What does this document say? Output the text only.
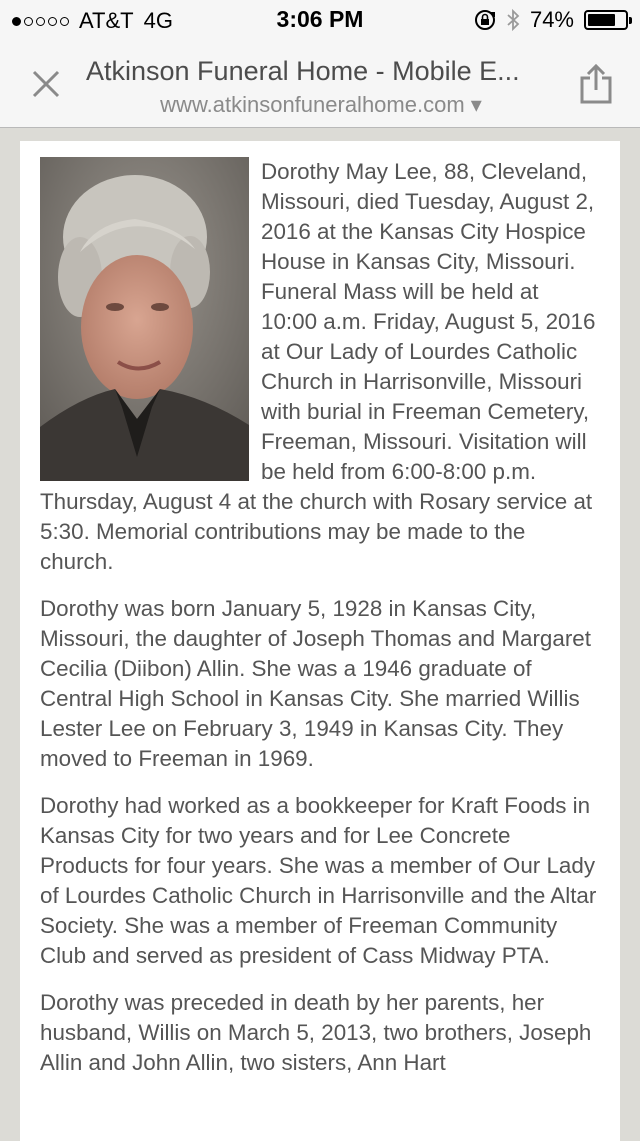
AT&T 4G	3:06 PM	74%
Atkinson Funeral Home - Mobile E...
www.atkinsonfuneralhome.com ▾

Dorothy May Lee, 88, Cleveland, Missouri, died Tuesday, August 2, 2016 at the Kansas City Hospice House in Kansas City, Missouri. Funeral Mass will be held at 10:00 a.m. Friday, August 5, 2016 at Our Lady of Lourdes Catholic Church in Harrisonville, Missouri with burial in Freeman Cemetery, Freeman, Missouri. Visitation will be held from 6:00-8:00 p.m. Thursday, August 4 at the church with Rosary service at 5:30. Memorial contributions may be made to the church.

Dorothy was born January 5, 1928 in Kansas City, Missouri, the daughter of Joseph Thomas and Margaret Cecilia (Diibon) Allin. She was a 1946 graduate of Central High School in Kansas City. She married Willis Lester Lee on February 3, 1949 in Kansas City. They moved to Freeman in 1969.

Dorothy had worked as a bookkeeper for Kraft Foods in Kansas City for two years and for Lee Concrete Products for four years. She was a member of Our Lady of Lourdes Catholic Church in Harrisonville and the Altar Society. She was a member of Freeman Community Club and served as president of Cass Midway PTA.

Dorothy was preceded in death by her parents, her husband, Willis on March 5, 2013, two brothers, Joseph Allin and John Allin, two sisters, Ann Hart
